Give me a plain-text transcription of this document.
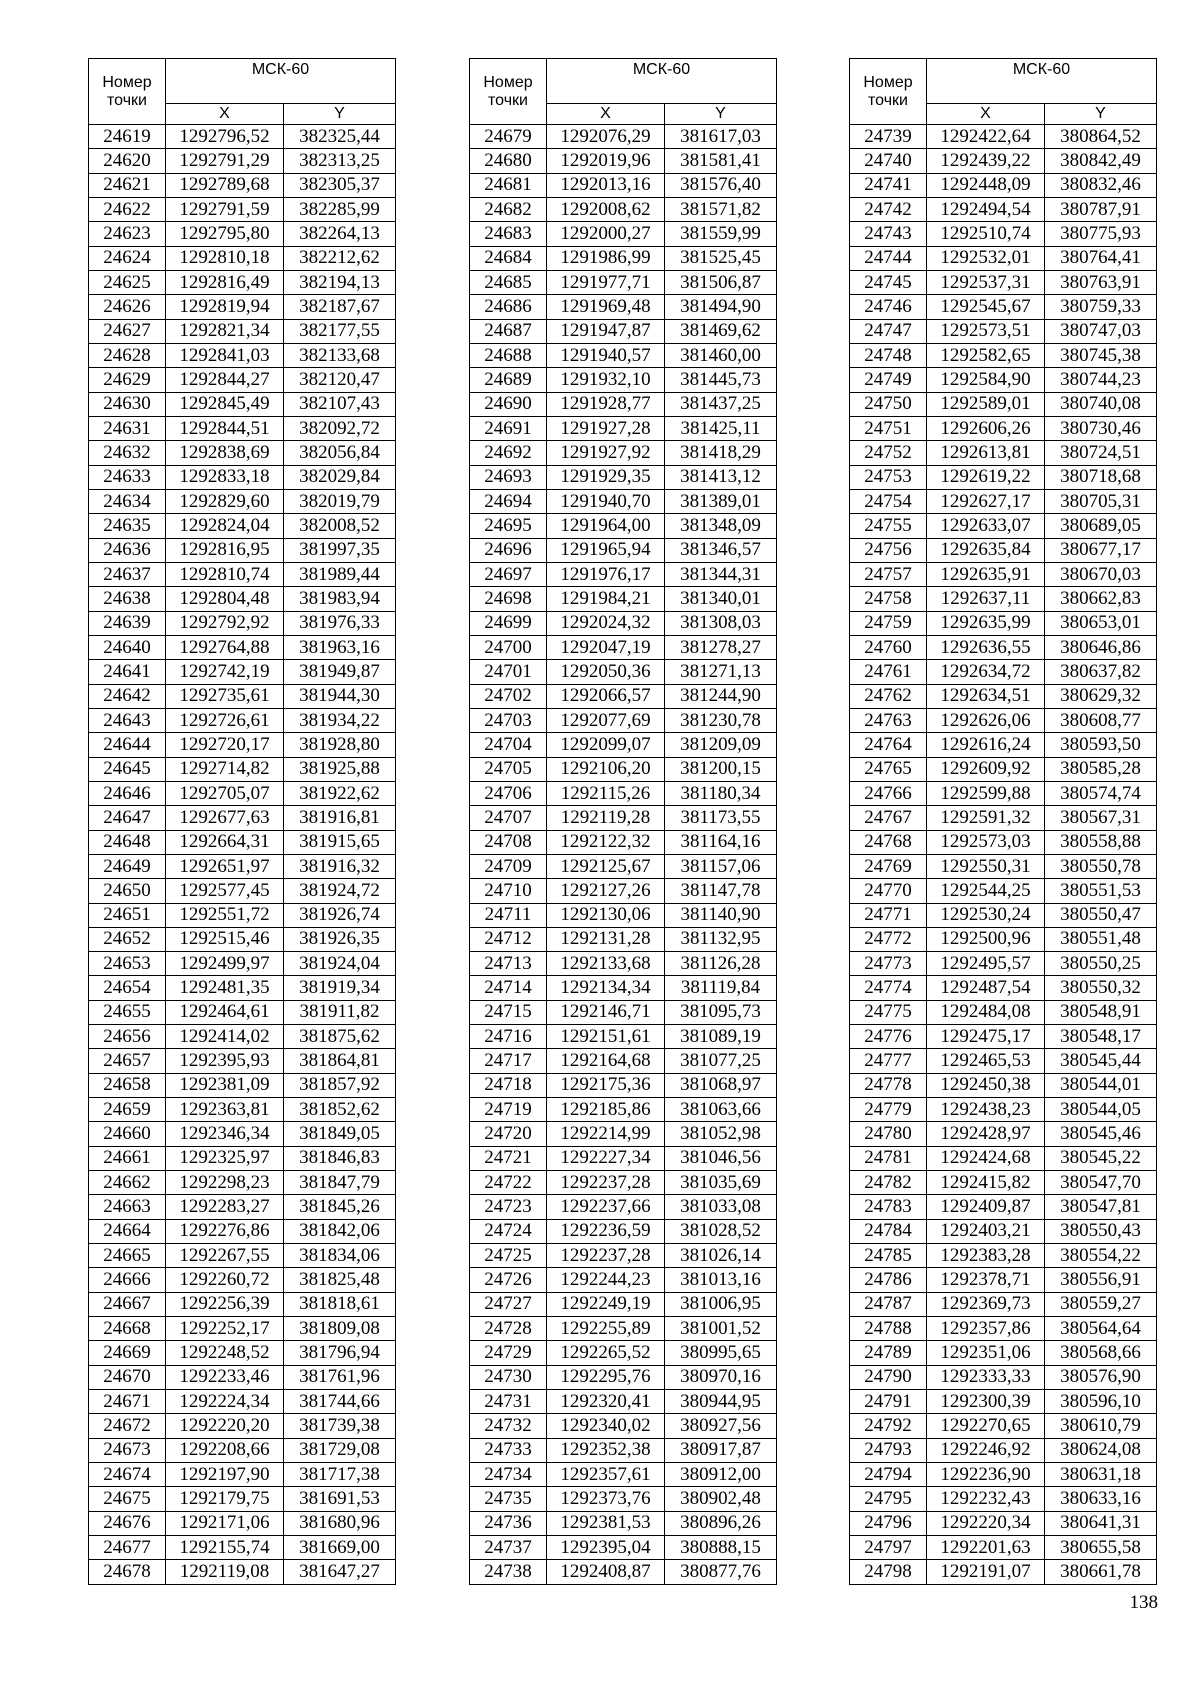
Номер точки	МСК-60	
	X	Y
24619	1292796,52	382325,44
24620	1292791,29	382313,25
24621	1292789,68	382305,37
24622	1292791,59	382285,99
24623	1292795,80	382264,13
24624	1292810,18	382212,62
24625	1292816,49	382194,13
24626	1292819,94	382187,67
24627	1292821,34	382177,55
24628	1292841,03	382133,68
24629	1292844,27	382120,47
24630	1292845,49	382107,43
24631	1292844,51	382092,72
24632	1292838,69	382056,84
24633	1292833,18	382029,84
24634	1292829,60	382019,79
24635	1292824,04	382008,52
24636	1292816,95	381997,35
24637	1292810,74	381989,44
24638	1292804,48	381983,94
24639	1292792,92	381976,33
24640	1292764,88	381963,16
24641	1292742,19	381949,87
24642	1292735,61	381944,30
24643	1292726,61	381934,22
24644	1292720,17	381928,80
24645	1292714,82	381925,88
24646	1292705,07	381922,62
24647	1292677,63	381916,81
24648	1292664,31	381915,65
24649	1292651,97	381916,32
24650	1292577,45	381924,72
24651	1292551,72	381926,74
24652	1292515,46	381926,35
24653	1292499,97	381924,04
24654	1292481,35	381919,34
24655	1292464,61	381911,82
24656	1292414,02	381875,62
24657	1292395,93	381864,81
24658	1292381,09	381857,92
24659	1292363,81	381852,62
24660	1292346,34	381849,05
24661	1292325,97	381846,83
24662	1292298,23	381847,79
24663	1292283,27	381845,26
24664	1292276,86	381842,06
24665	1292267,55	381834,06
24666	1292260,72	381825,48
24667	1292256,39	381818,61
24668	1292252,17	381809,08
24669	1292248,52	381796,94
24670	1292233,46	381761,96
24671	1292224,34	381744,66
24672	1292220,20	381739,38
24673	1292208,66	381729,08
24674	1292197,90	381717,38
24675	1292179,75	381691,53
24676	1292171,06	381680,96
24677	1292155,74	381669,00
24678	1292119,08	381647,27
Номер точки	МСК-60	
	X	Y
24679	1292076,29	381617,03
24680	1292019,96	381581,41
24681	1292013,16	381576,40
24682	1292008,62	381571,82
24683	1292000,27	381559,99
24684	1291986,99	381525,45
24685	1291977,71	381506,87
24686	1291969,48	381494,90
24687	1291947,87	381469,62
24688	1291940,57	381460,00
24689	1291932,10	381445,73
24690	1291928,77	381437,25
24691	1291927,28	381425,11
24692	1291927,92	381418,29
24693	1291929,35	381413,12
24694	1291940,70	381389,01
24695	1291964,00	381348,09
24696	1291965,94	381346,57
24697	1291976,17	381344,31
24698	1291984,21	381340,01
24699	1292024,32	381308,03
24700	1292047,19	381278,27
24701	1292050,36	381271,13
24702	1292066,57	381244,90
24703	1292077,69	381230,78
24704	1292099,07	381209,09
24705	1292106,20	381200,15
24706	1292115,26	381180,34
24707	1292119,28	381173,55
24708	1292122,32	381164,16
24709	1292125,67	381157,06
24710	1292127,26	381147,78
24711	1292130,06	381140,90
24712	1292131,28	381132,95
24713	1292133,68	381126,28
24714	1292134,34	381119,84
24715	1292146,71	381095,73
24716	1292151,61	381089,19
24717	1292164,68	381077,25
24718	1292175,36	381068,97
24719	1292185,86	381063,66
24720	1292214,99	381052,98
24721	1292227,34	381046,56
24722	1292237,28	381035,69
24723	1292237,66	381033,08
24724	1292236,59	381028,52
24725	1292237,28	381026,14
24726	1292244,23	381013,16
24727	1292249,19	381006,95
24728	1292255,89	381001,52
24729	1292265,52	380995,65
24730	1292295,76	380970,16
24731	1292320,41	380944,95
24732	1292340,02	380927,56
24733	1292352,38	380917,87
24734	1292357,61	380912,00
24735	1292373,76	380902,48
24736	1292381,53	380896,26
24737	1292395,04	380888,15
24738	1292408,87	380877,76
Номер точки	МСК-60	
	X	Y
24739	1292422,64	380864,52
24740	1292439,22	380842,49
24741	1292448,09	380832,46
24742	1292494,54	380787,91
24743	1292510,74	380775,93
24744	1292532,01	380764,41
24745	1292537,31	380763,91
24746	1292545,67	380759,33
24747	1292573,51	380747,03
24748	1292582,65	380745,38
24749	1292584,90	380744,23
24750	1292589,01	380740,08
24751	1292606,26	380730,46
24752	1292613,81	380724,51
24753	1292619,22	380718,68
24754	1292627,17	380705,31
24755	1292633,07	380689,05
24756	1292635,84	380677,17
24757	1292635,91	380670,03
24758	1292637,11	380662,83
24759	1292635,99	380653,01
24760	1292636,55	380646,86
24761	1292634,72	380637,82
24762	1292634,51	380629,32
24763	1292626,06	380608,77
24764	1292616,24	380593,50
24765	1292609,92	380585,28
24766	1292599,88	380574,74
24767	1292591,32	380567,31
24768	1292573,03	380558,88
24769	1292550,31	380550,78
24770	1292544,25	380551,53
24771	1292530,24	380550,47
24772	1292500,96	380551,48
24773	1292495,57	380550,25
24774	1292487,54	380550,32
24775	1292484,08	380548,91
24776	1292475,17	380548,17
24777	1292465,53	380545,44
24778	1292450,38	380544,01
24779	1292438,23	380544,05
24780	1292428,97	380545,46
24781	1292424,68	380545,22
24782	1292415,82	380547,70
24783	1292409,87	380547,81
24784	1292403,21	380550,43
24785	1292383,28	380554,22
24786	1292378,71	380556,91
24787	1292369,73	380559,27
24788	1292357,86	380564,64
24789	1292351,06	380568,66
24790	1292333,33	380576,90
24791	1292300,39	380596,10
24792	1292270,65	380610,79
24793	1292246,92	380624,08
24794	1292236,90	380631,18
24795	1292232,43	380633,16
24796	1292220,34	380641,31
24797	1292201,63	380655,58
24798	1292191,07	380661,78
138
